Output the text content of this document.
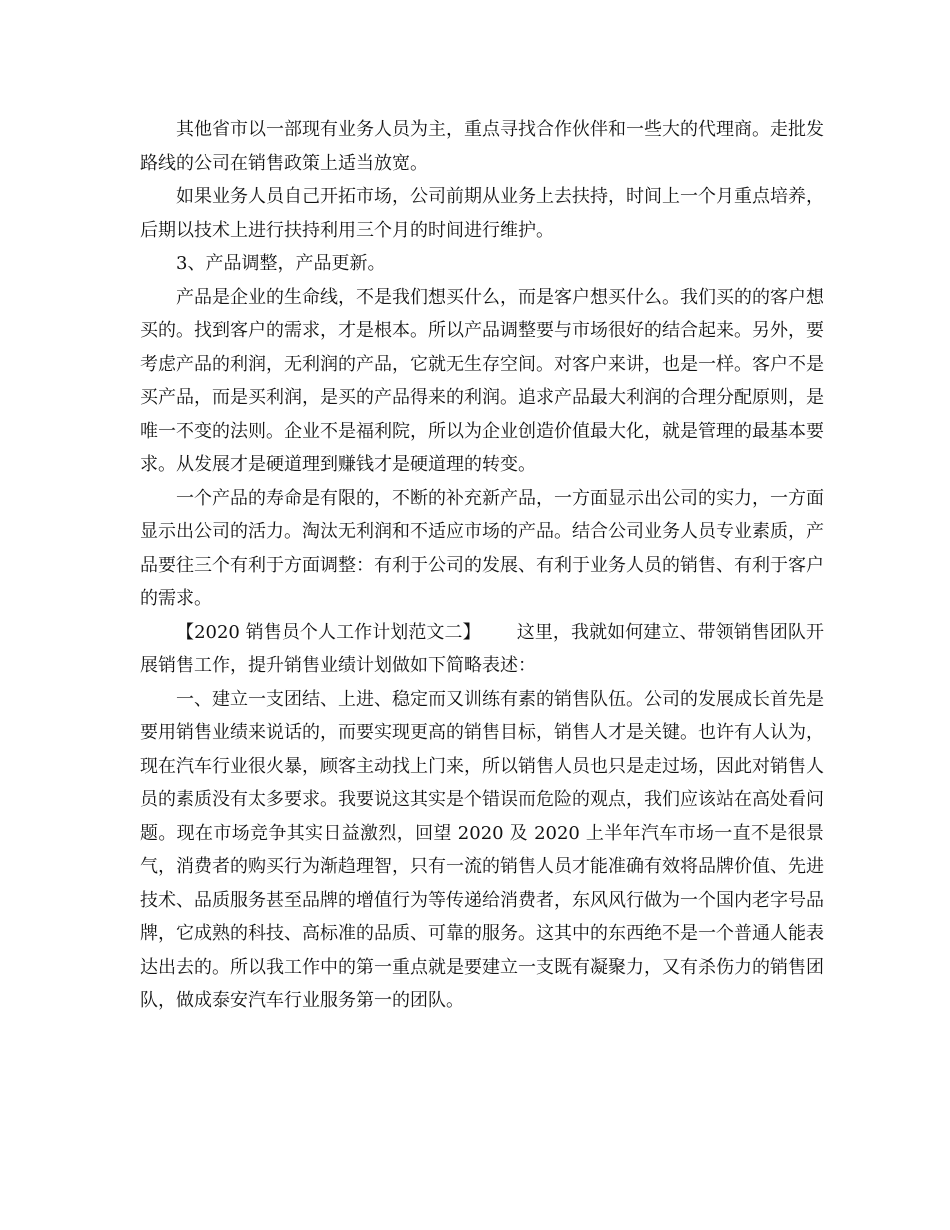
其他省市以一部现有业务人员为主，重点寻找合作伙伴和一些大的代理商。走批发路线的公司在销售政策上适当放宽。

如果业务人员自己开拓市场，公司前期从业务上去扶持，时间上一个月重点培养，后期以技术上进行扶持利用三个月的时间进行维护。

3、产品调整，产品更新。

产品是企业的生命线，不是我们想买什么，而是客户想买什么。我们买的的客户想买的。找到客户的需求，才是根本。所以产品调整要与市场很好的结合起来。另外，要考虑产品的利润，无利润的产品，它就无生存空间。对客户来讲，也是一样。客户不是买产品，而是买利润，是买的产品得来的利润。追求产品最大利润的合理分配原则，是唯一不变的法则。企业不是福利院，所以为企业创造价值最大化，就是管理的最基本要求。从发展才是硬道理到赚钱才是硬道理的转变。

一个产品的寿命是有限的，不断的补充新产品，一方面显示出公司的实力，一方面显示出公司的活力。淘汰无利润和不适应市场的产品。结合公司业务人员专业素质，产品要往三个有利于方面调整：有利于公司的发展、有利于业务人员的销售、有利于客户的需求。

【2020 销售员个人工作计划范文二】 这里，我就如何建立、带领销售团队开展销售工作，提升销售业绩计划做如下简略表述：

一、建立一支团结、上进、稳定而又训练有素的销售队伍。公司的发展成长首先是要用销售业绩来说话的，而要实现更高的销售目标，销售人才是关键。也许有人认为，现在汽车行业很火暴，顾客主动找上门来，所以销售人员也只是走过场，因此对销售人员的素质没有太多要求。我要说这其实是个错误而危险的观点，我们应该站在高处看问题。现在市场竞争其实日益激烈，回望 2020 及 2020 上半年汽车市场一直不是很景气，消费者的购买行为渐趋理智，只有一流的销售人员才能准确有效将品牌价值、先进技术、品质服务甚至品牌的增值行为等传递给消费者，东风风行做为一个国内老字号品牌，它成熟的科技、高标准的品质、可靠的服务。这其中的东西绝不是一个普通人能表达出去的。所以我工作中的第一重点就是要建立一支既有凝聚力，又有杀伤力的销售团队，做成泰安汽车行业服务第一的团队。
